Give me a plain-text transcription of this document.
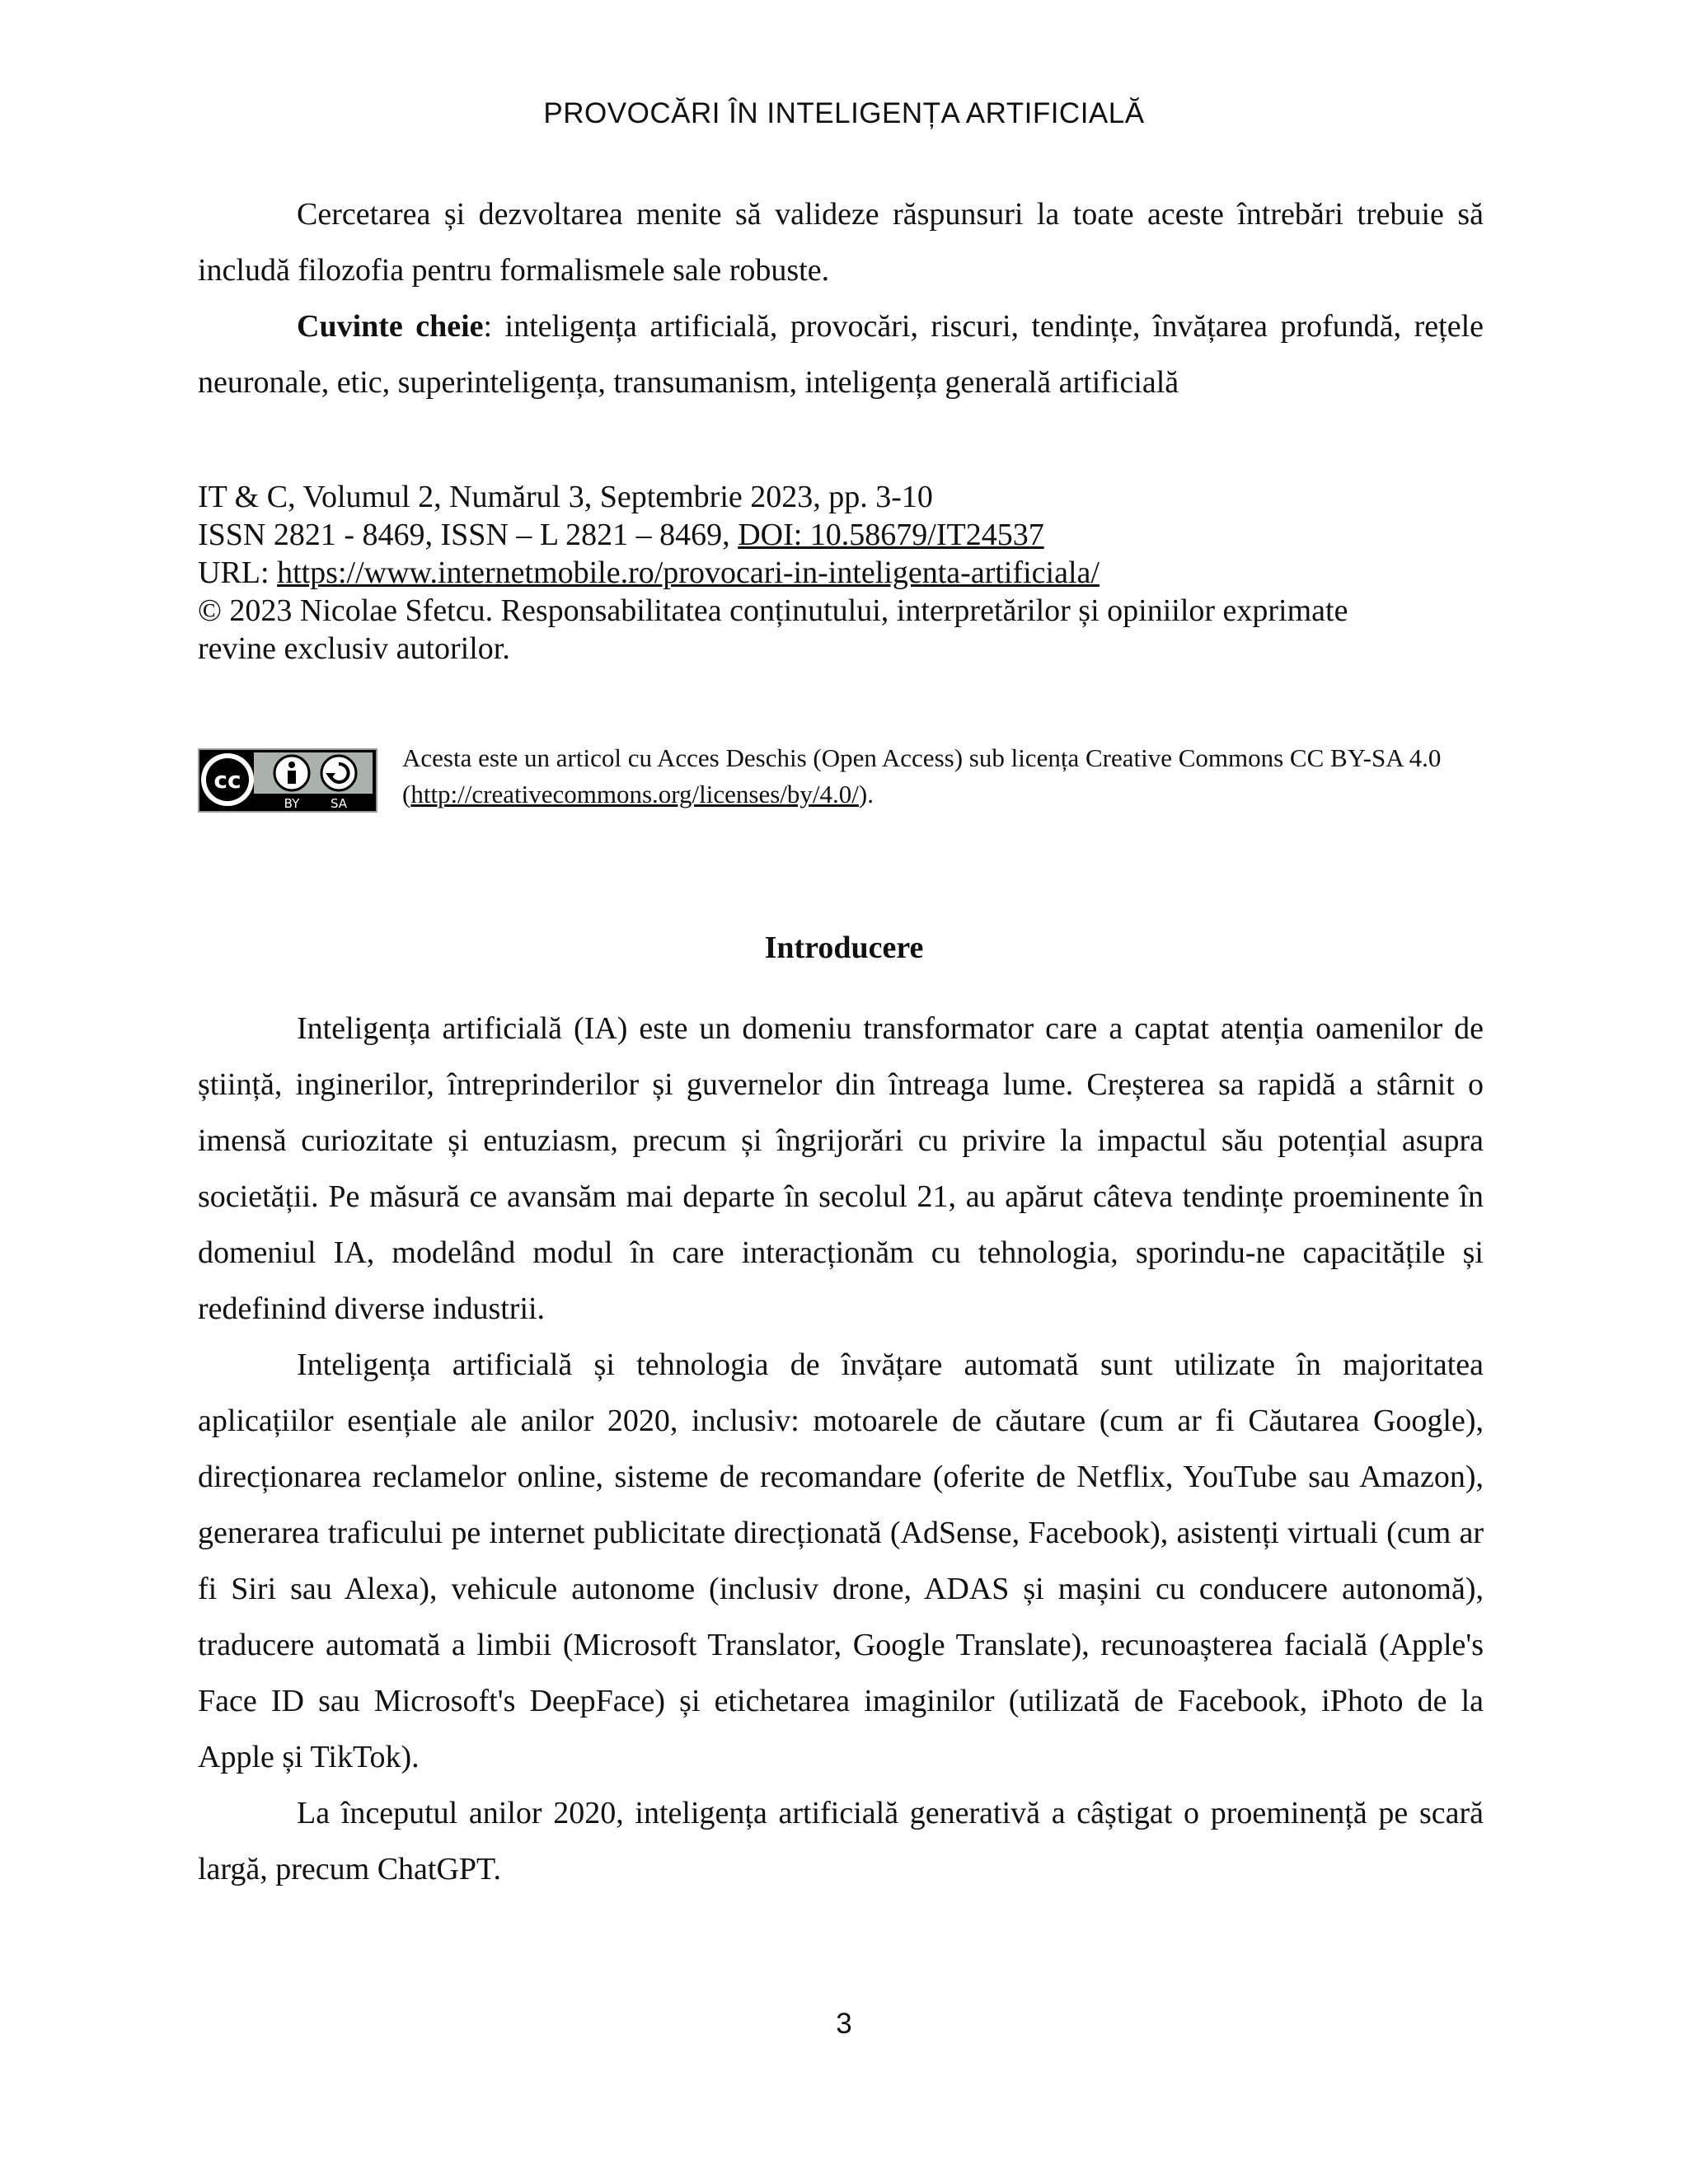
PROVOCĂRI ÎN INTELIGENȚA ARTIFICIALĂ

Cercetarea și dezvoltarea menite să valideze răspunsuri la toate aceste întrebări trebuie să includă filozofia pentru formalismele sale robuste.

Cuvinte cheie: inteligența artificială, provocări, riscuri, tendințe, învățarea profundă, rețele neuronale, etic, superinteligența, transumanism, inteligența generală artificială

IT & C, Volumul 2, Numărul 3, Septembrie 2023, pp. 3-10
ISSN 2821 - 8469, ISSN – L 2821 – 8469, DOI: 10.58679/IT24537
URL: https://www.internetmobile.ro/provocari-in-inteligenta-artificiala/
© 2023 Nicolae Sfetcu. Responsabilitatea conținutului, interpretărilor și opiniilor exprimate
revine exclusiv autorilor.
cc
BY	SA
Acesta este un articol cu Acces Deschis (Open Access) sub licența Creative Commons CC BY-SA 4.0 (http://creativecommons.org/licenses/by/4.0/).
Introducere

Inteligența artificială (IA) este un domeniu transformator care a captat atenția oamenilor de știință, inginerilor, întreprinderilor și guvernelor din întreaga lume. Creșterea sa rapidă a stârnit o imensă curiozitate și entuziasm, precum și îngrijorări cu privire la impactul său potențial asupra societății. Pe măsură ce avansăm mai departe în secolul 21, au apărut câteva tendințe proeminente în domeniul IA, modelând modul în care interacționăm cu tehnologia, sporindu-ne capacitățile și redefinind diverse industrii.

Inteligența artificială și tehnologia de învățare automată sunt utilizate în majoritatea aplicațiilor esențiale ale anilor 2020, inclusiv: motoarele de căutare (cum ar fi Căutarea Google), direcționarea reclamelor online, sisteme de recomandare (oferite de Netflix, YouTube sau Amazon), generarea traficului pe internet publicitate direcționată (AdSense, Facebook), asistenți virtuali (cum ar fi Siri sau Alexa), vehicule autonome (inclusiv drone, ADAS și mașini cu conducere autonomă), traducere automată a limbii (Microsoft Translator, Google Translate), recunoașterea facială (Apple's Face ID sau Microsoft's DeepFace) și etichetarea imaginilor (utilizată de Facebook, iPhoto de la Apple și TikTok).

La începutul anilor 2020, inteligența artificială generativă a câștigat o proeminență pe scară largă, precum ChatGPT.

3
